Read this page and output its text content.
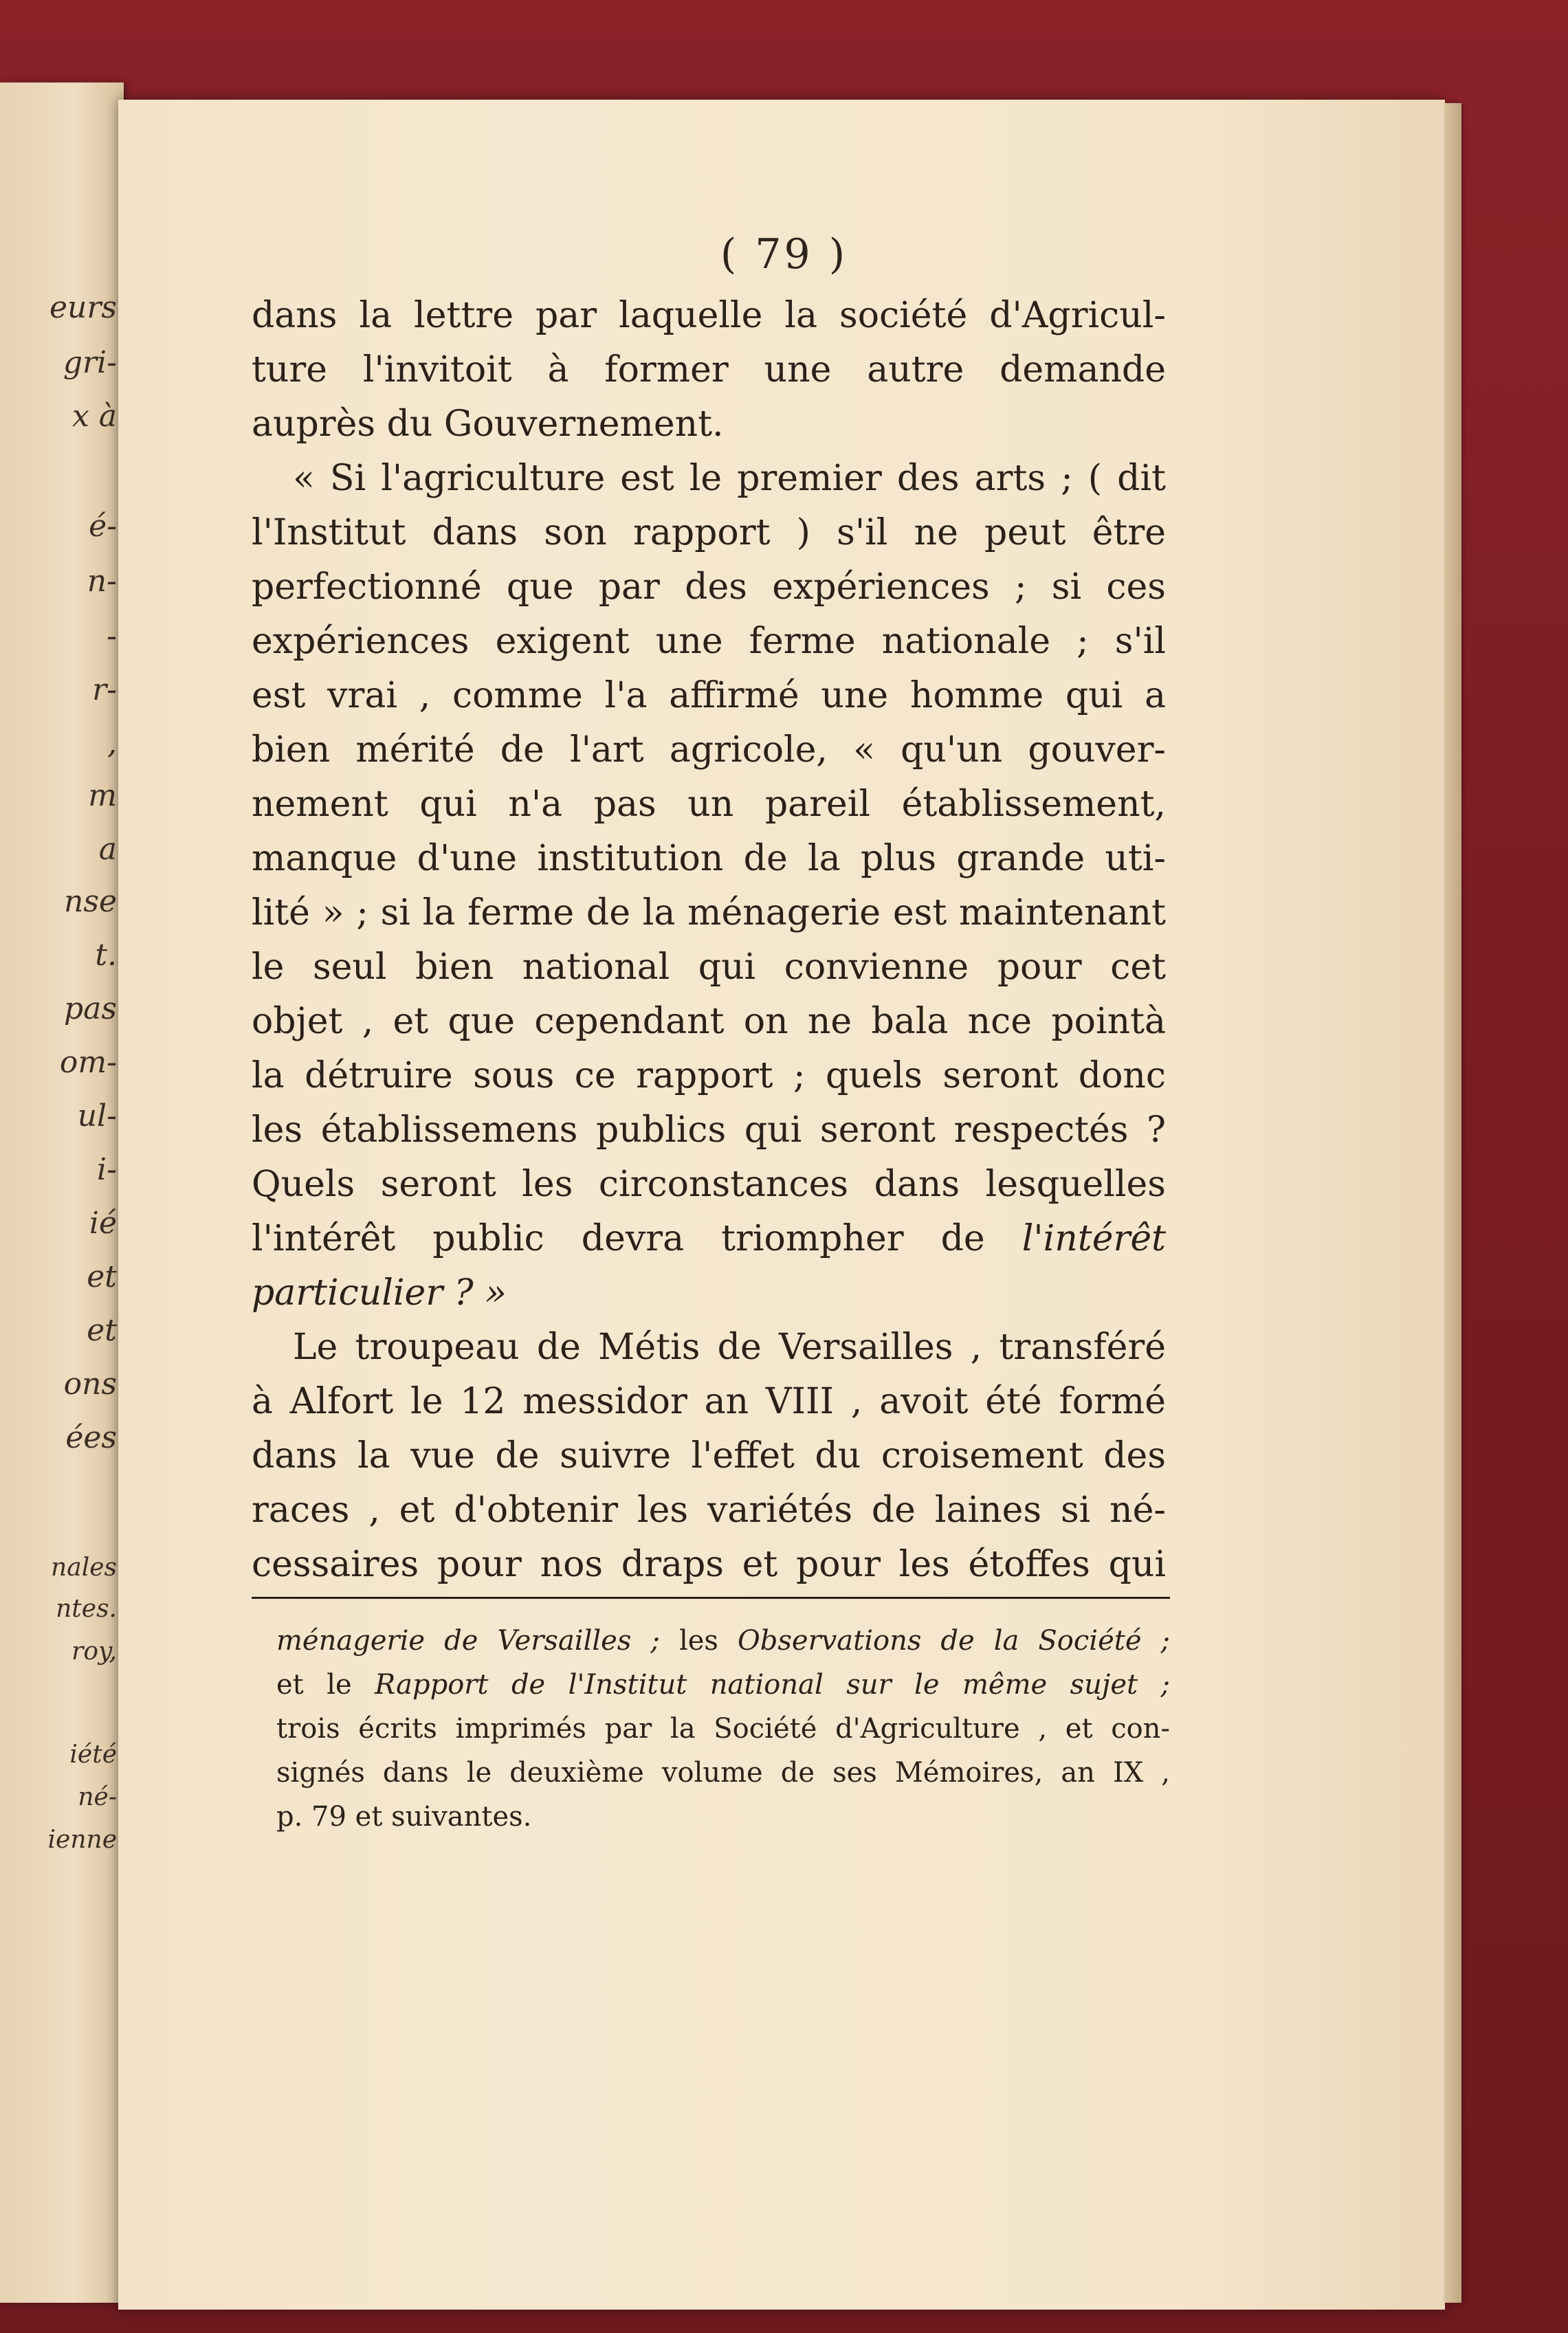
eurs
gri-
x à
é-
n-
-
r-
,
m
a
nse
t.
pas
om-
ul-
i-
ié
et
et
ons
ées
nales
ntes.
roy,
iété
né-
ienne
( 79 )
dans la lettre par laquelle la société d'Agricul-
ture l'invitoit à former une autre demande
auprès du Gouvernement.
« Si l'agriculture est le premier des arts ; ( dit
l'Institut dans son rapport ) s'il ne peut être
perfectionné que par des expériences ; si ces
expériences exigent une ferme nationale ; s'il
est vrai , comme l'a affirmé une homme qui a
bien mérité de l'art agricole, « qu'un gouver-
nement qui n'a pas un pareil établissement,
manque d'une institution de la plus grande uti-
lité » ; si la ferme de la ménagerie est maintenant
le seul bien national qui convienne pour cet
objet , et que cependant on ne bala nce pointà
la détruire sous ce rapport ; quels seront donc
les établissemens publics qui seront respectés ?
Quels seront les circonstances dans lesquelles
l'intérêt public devra triompher de l'intérêt
particulier ? »
Le troupeau de Métis de Versailles , transféré
à Alfort le 12 messidor an VIII , avoit été formé
dans la vue de suivre l'effet du croisement des
races , et d'obtenir les variétés de laines si né-
cessaires pour nos draps et pour les étoffes qui
ménagerie de Versailles ; les Observations de la Société ;
et le Rapport de l'Institut national sur le même sujet ;
trois écrits imprimés par la Société d'Agriculture , et con-
signés dans le deuxième volume de ses Mémoires, an IX ,
p. 79 et suivantes.
